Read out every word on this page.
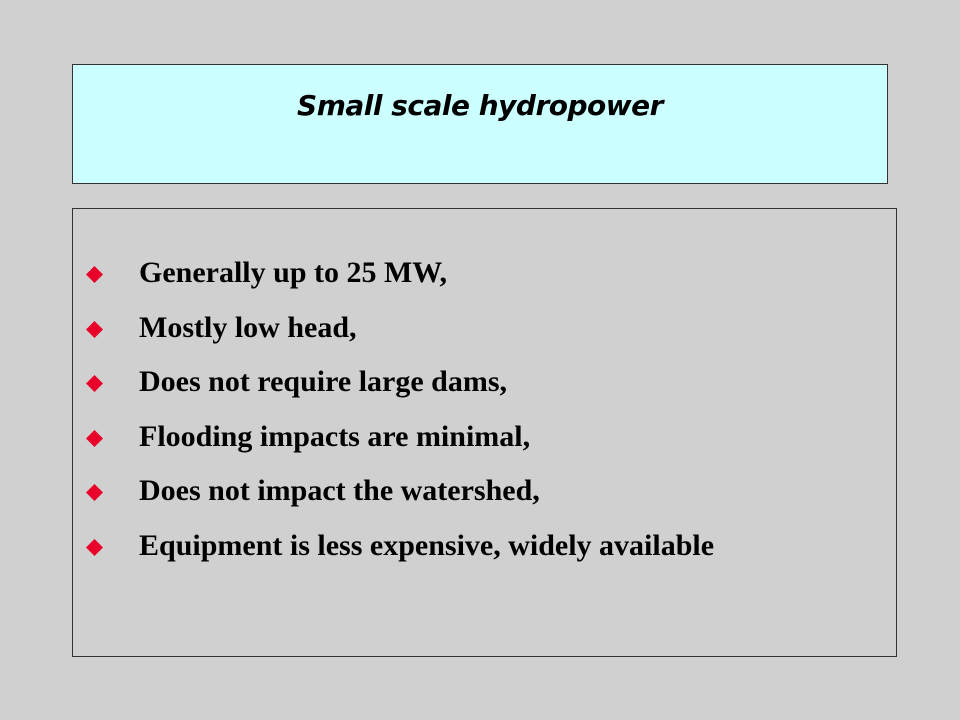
Small scale hydropower
Generally up to 25 MW,
Mostly low head,
Does not require large dams,
Flooding impacts are minimal,
Does not impact the watershed,
Equipment is less expensive, widely available
